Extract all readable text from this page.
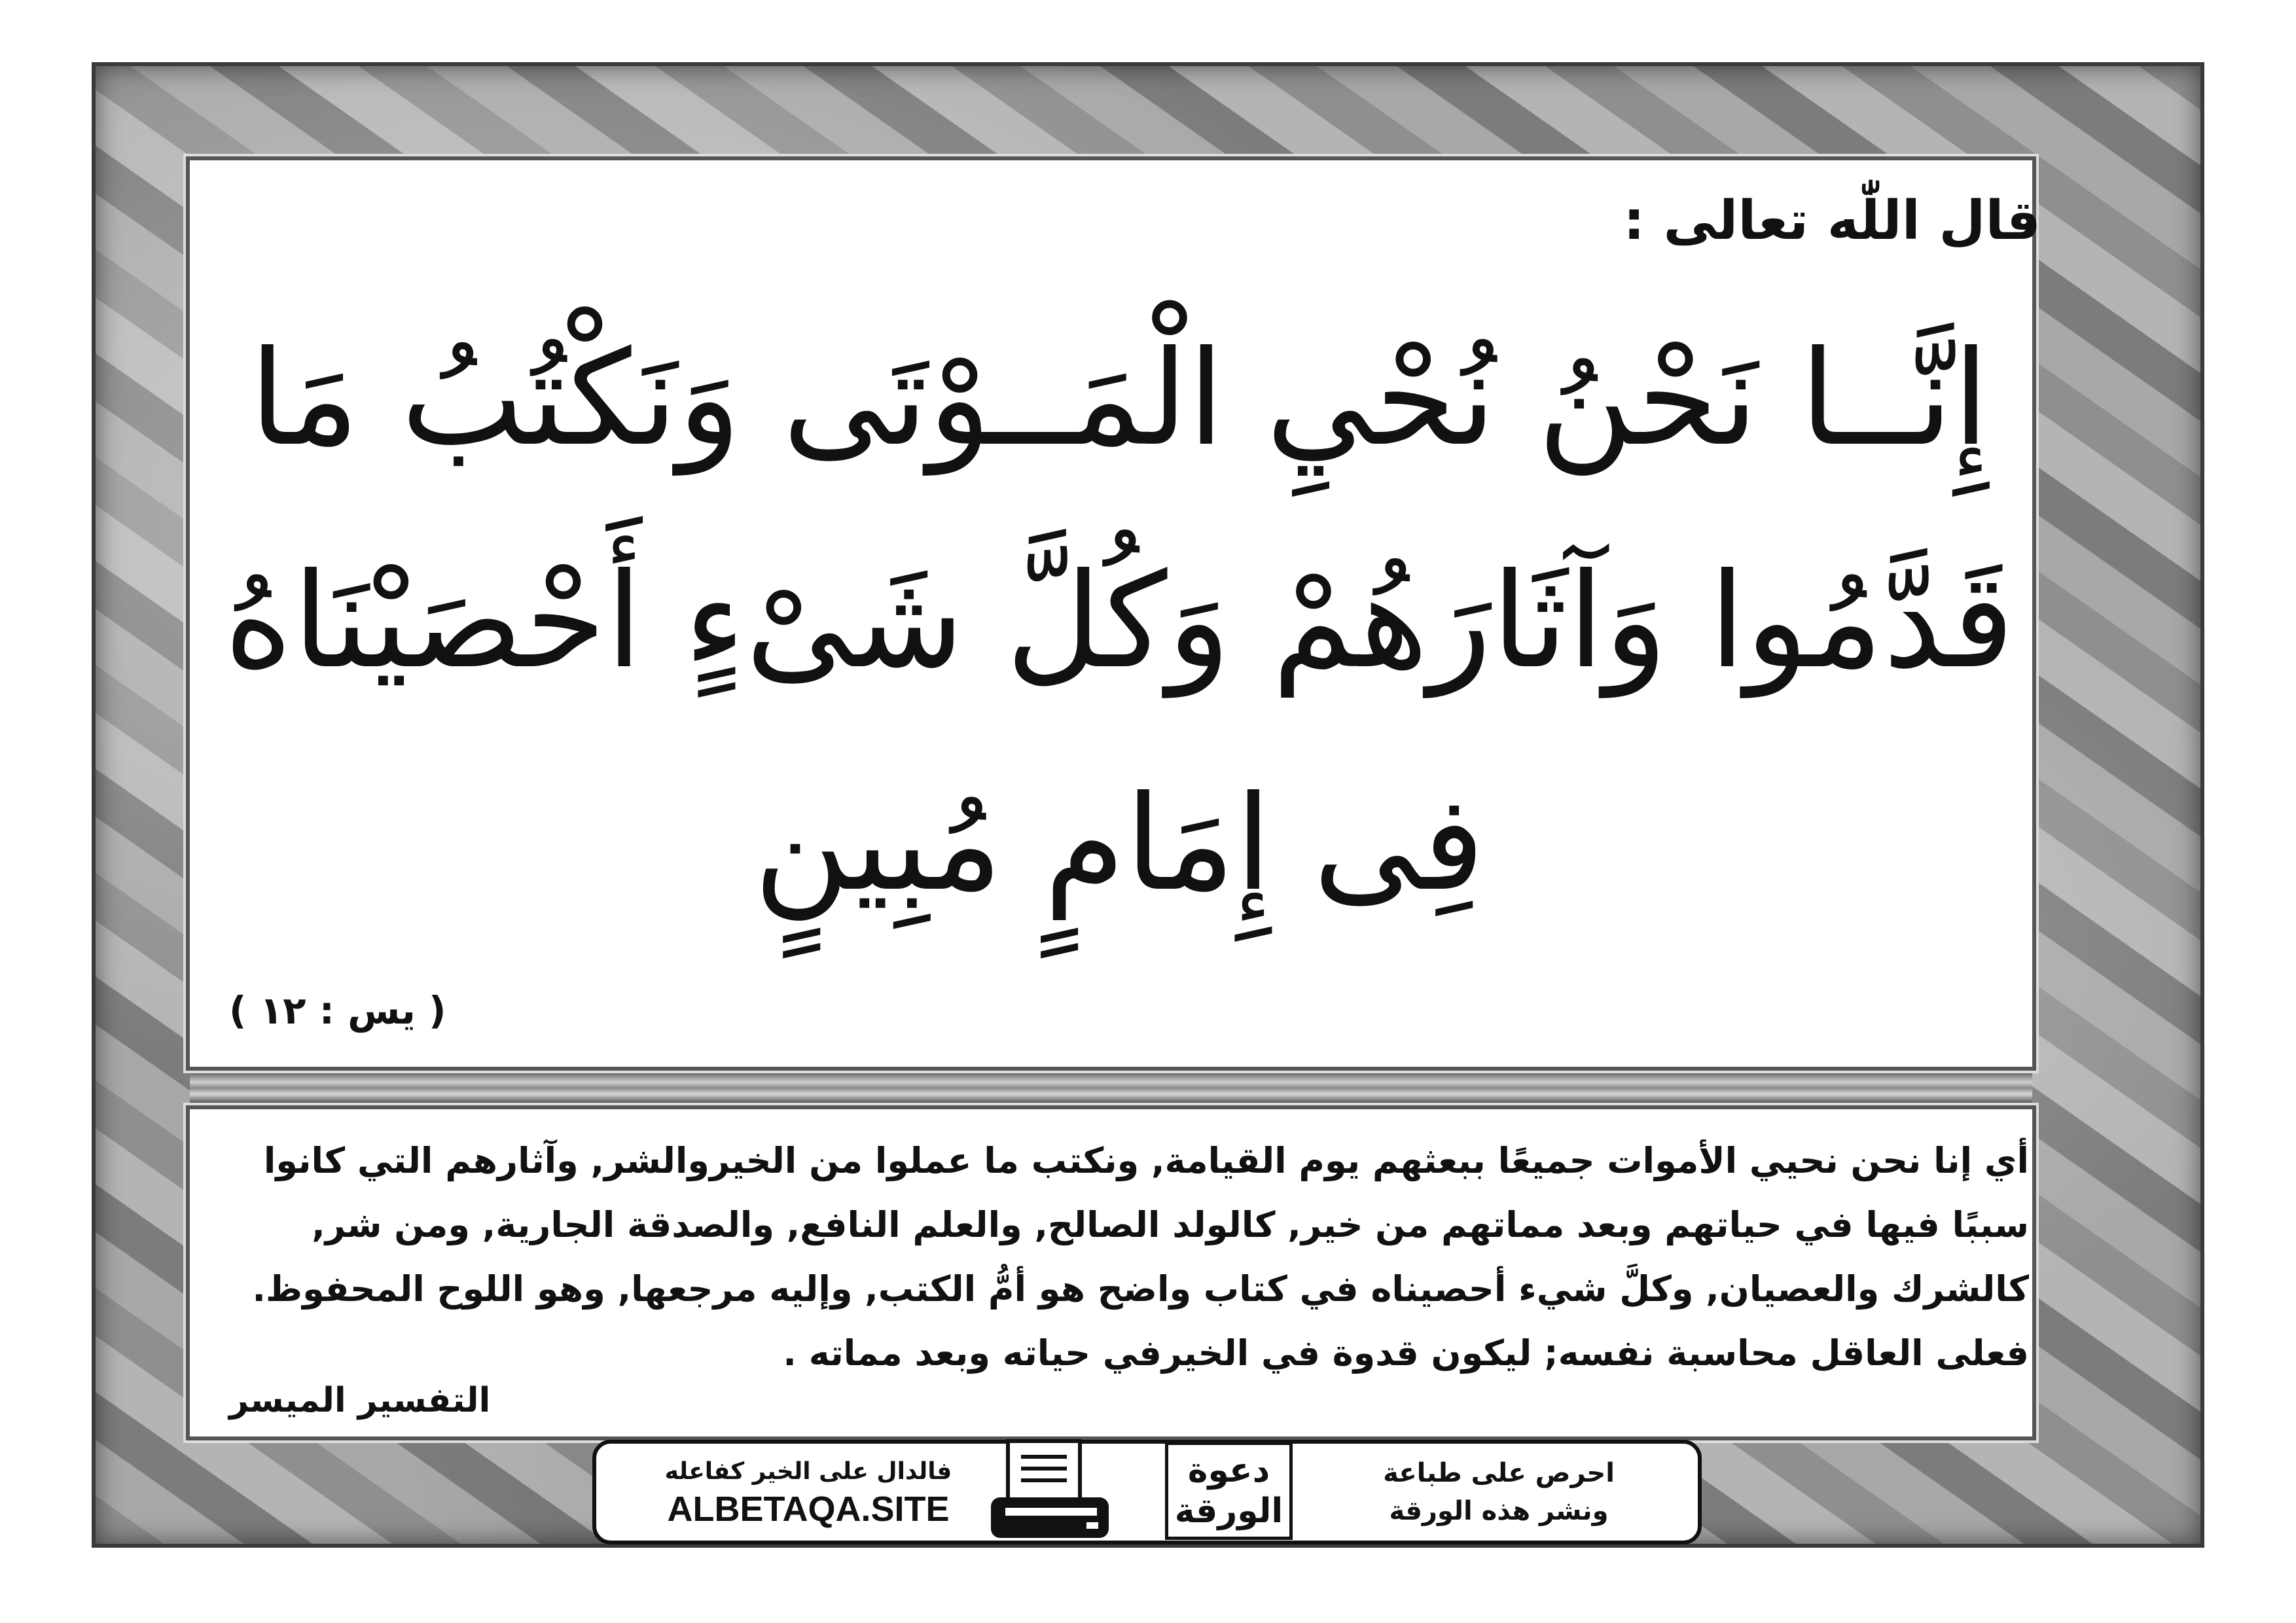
قال اللّٰه تعالى :
إِنَّــا نَحْنُ نُحْيِ الْمَــوْتَى وَنَكْتُبُ مَا
قَدَّمُوا وَآثَارَهُمْ وَكُلَّ شَىْءٍ أَحْصَيْنَاهُ
فِى إِمَامٍ مُبِينٍ
( يس : ١٢ )
أي إنا نحن نحيي الأموات جميعًا ببعثهم يوم القيامة, ونكتب ما عملوا من الخيروالشر, وآثارهم التي كانوا
سببًا فيها في حياتهم وبعد مماتهم من خير, كالولد الصالح, والعلم النافع, والصدقة الجارية, ومن شر,
كالشرك والعصيان, وكلَّ شيء أحصيناه في كتاب واضح هو أمُّ الكتب, وإليه مرجعها, وهو اللوح المحفوظ.
فعلى العاقل محاسبة نفسه; ليكون قدوة في الخيرفي حياته وبعد مماته .
التفسير الميسر
فالدال على الخير كفاعله
ALBETAQA.SITE
دعوة
الورقة
احرص على طباعة
ونشر هذه الورقة
